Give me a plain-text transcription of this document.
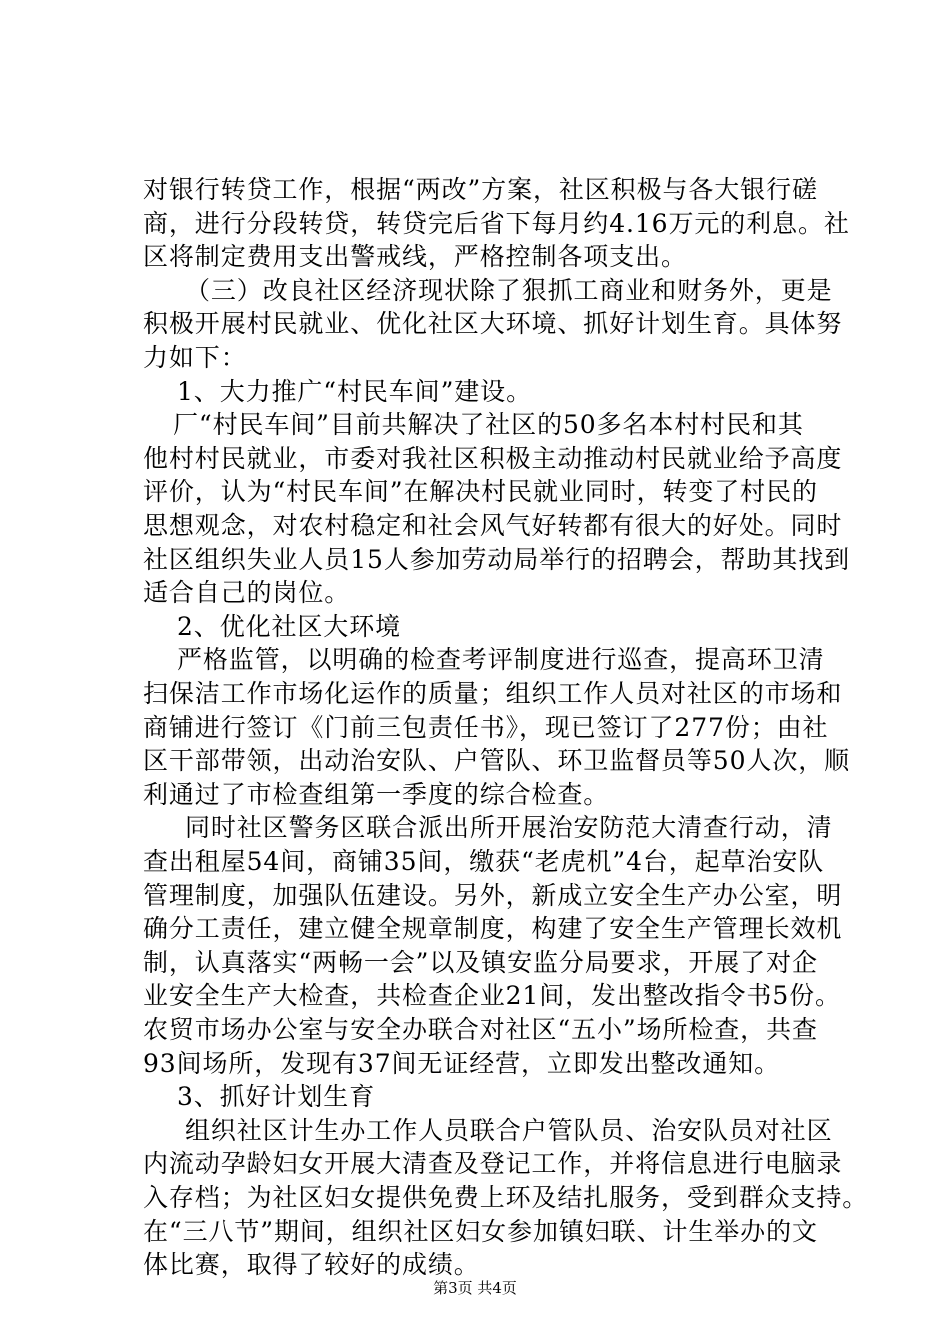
对银行转贷工作，根据“两改”方案，社区积极与各大银行磋
商，进行分段转贷，转贷完后省下每月约4.16万元的利息。社
区将制定费用支出警戒线，严格控制各项支出。
（三）改良社区经济现状除了狠抓工商业和财务外，更是
积极开展村民就业、优化社区大环境、抓好计划生育。具体努
力如下：
1、大力推广“村民车间”建设。
厂“村民车间”目前共解决了社区的50多名本村村民和其
他村村民就业，市委对我社区积极主动推动村民就业给予高度
评价，认为“村民车间”在解决村民就业同时，转变了村民的
思想观念，对农村稳定和社会风气好转都有很大的好处。同时
社区组织失业人员15人参加劳动局举行的招聘会，帮助其找到
适合自己的岗位。
2、优化社区大环境
严格监管，以明确的检查考评制度进行巡查，提高环卫清
扫保洁工作市场化运作的质量；组织工作人员对社区的市场和
商铺进行签订《门前三包责任书》，现已签订了277份；由社
区干部带领，出动治安队、户管队、环卫监督员等50人次，顺
利通过了市检查组第一季度的综合检查。
同时社区警务区联合派出所开展治安防范大清查行动，清
查出租屋54间，商铺35间，缴获“老虎机”4台，起草治安队
管理制度，加强队伍建设。另外，新成立安全生产办公室，明
确分工责任，建立健全规章制度，构建了安全生产管理长效机
制，认真落实“两畅一会”以及镇安监分局要求，开展了对企
业安全生产大检查，共检查企业21间，发出整改指令书5份。
农贸市场办公室与安全办联合对社区“五小”场所检查，共查
93间场所，发现有37间无证经营，立即发出整改通知。
3、抓好计划生育
组织社区计生办工作人员联合户管队员、治安队员对社区
内流动孕龄妇女开展大清查及登记工作，并将信息进行电脑录
入存档；为社区妇女提供免费上环及结扎服务，受到群众支持。
在“三八节”期间，组织社区妇女参加镇妇联、计生举办的文
体比赛，取得了较好的成绩。
第3页 共4页
